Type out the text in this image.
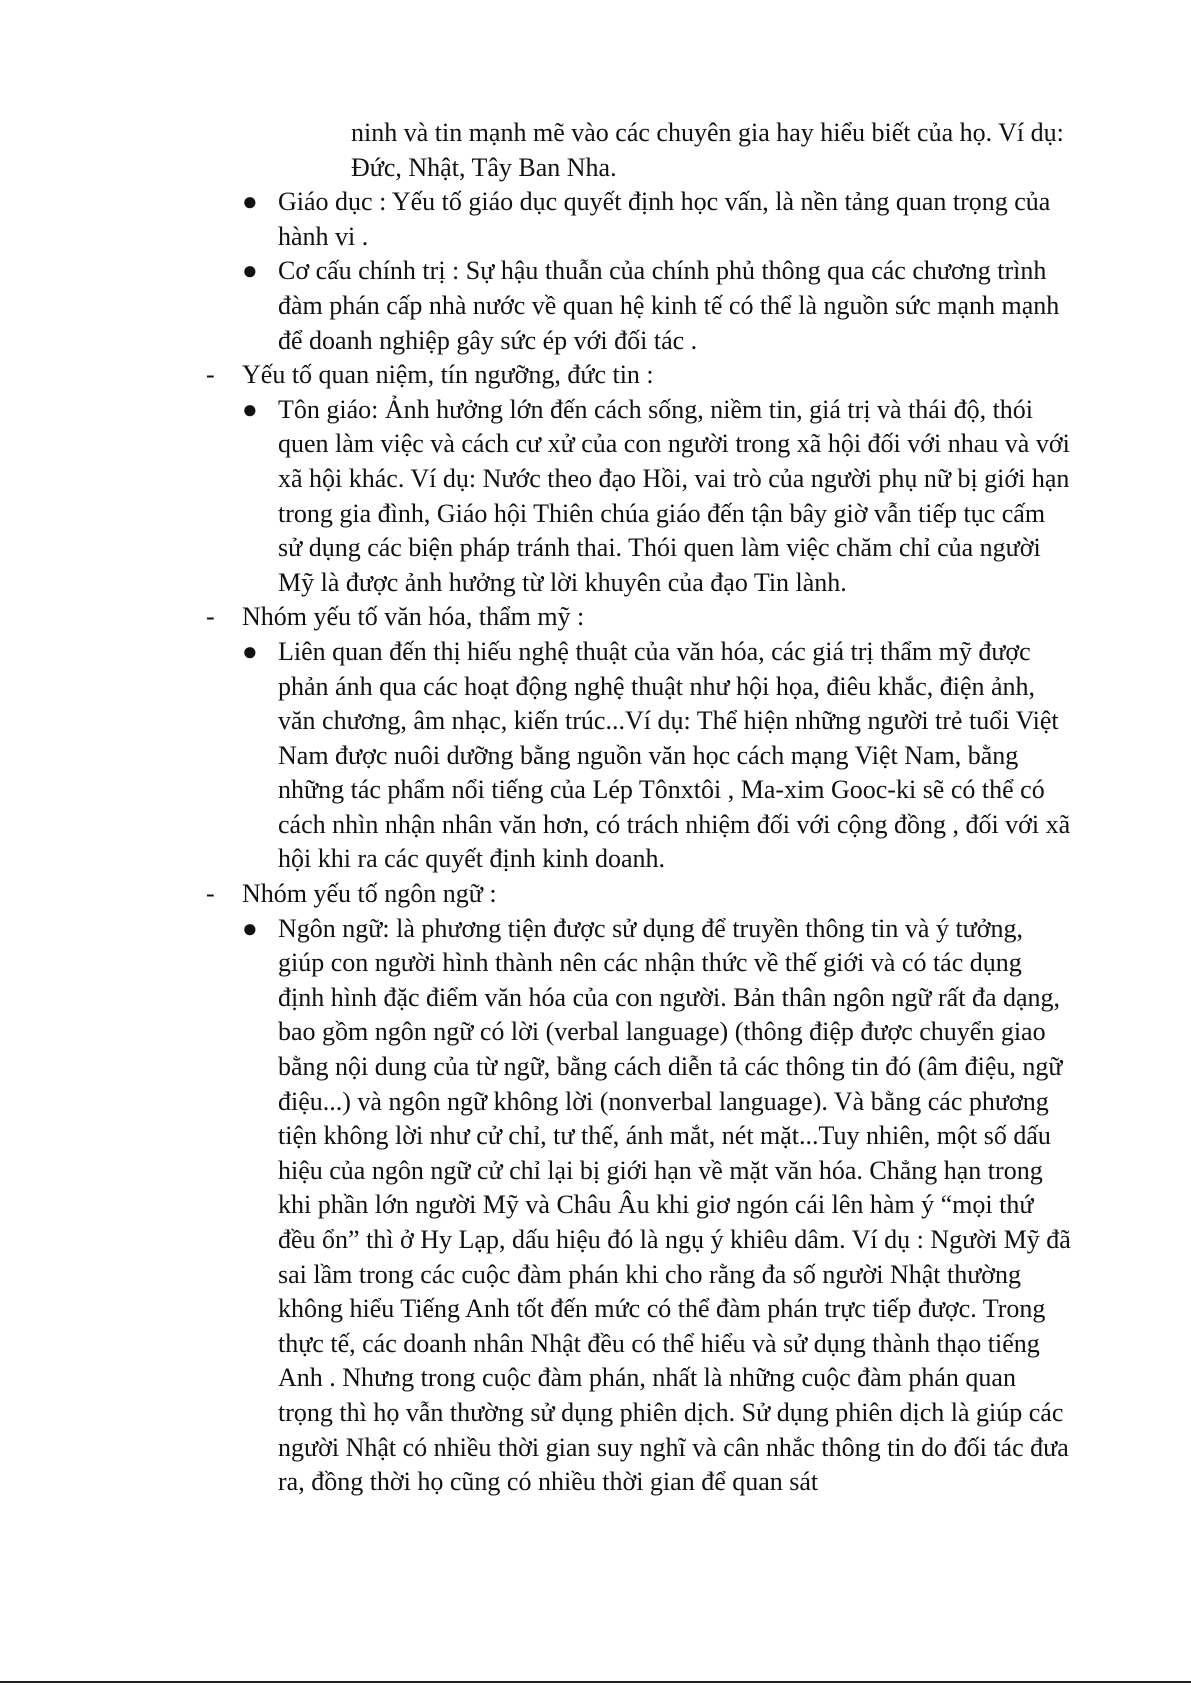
ninh và tin mạnh mẽ vào các chuyên gia hay hiểu biết của họ. Ví dụ: Đức, Nhật, Tây Ban Nha.

● Giáo dục : Yếu tố giáo dục quyết định học vấn, là nền tảng quan trọng của hành vi .
● Cơ cấu chính trị : Sự hậu thuẫn của chính phủ thông qua các chương trình đàm phán cấp nhà nước về quan hệ kinh tế có thể là nguồn sức mạnh mạnh để doanh nghiệp gây sức ép với đối tác .
- Yếu tố quan niệm, tín ngưỡng, đức tin :
● Tôn giáo: Ảnh hưởng lớn đến cách sống, niềm tin, giá trị và thái độ, thói quen làm việc và cách cư xử của con người trong xã hội đối với nhau và với xã hội khác. Ví dụ: Nước theo đạo Hồi, vai trò của người phụ nữ bị giới hạn trong gia đình, Giáo hội Thiên chúa giáo đến tận bây giờ vẫn tiếp tục cấm sử dụng các biện pháp tránh thai. Thói quen làm việc chăm chỉ của người Mỹ là được ảnh hưởng từ lời khuyên của đạo Tin lành.
- Nhóm yếu tố văn hóa, thẩm mỹ :
● Liên quan đến thị hiếu nghệ thuật của văn hóa, các giá trị thẩm mỹ được phản ánh qua các hoạt động nghệ thuật như hội họa, điêu khắc, điện ảnh, văn chương, âm nhạc, kiến trúc...Ví dụ: Thể hiện những người trẻ tuổi Việt Nam được nuôi dưỡng bằng nguồn văn học cách mạng Việt Nam, bằng những tác phẩm nổi tiếng của Lép Tônxtôi , Ma-xim Gooc-ki sẽ có thể có cách nhìn nhận nhân văn hơn, có trách nhiệm đối với cộng đồng , đối với xã hội khi ra các quyết định kinh doanh.
- Nhóm yếu tố ngôn ngữ :
● Ngôn ngữ: là phương tiện được sử dụng để truyền thông tin và ý tưởng, giúp con người hình thành nên các nhận thức về thế giới và có tác dụng định hình đặc điểm văn hóa của con người. Bản thân ngôn ngữ rất đa dạng, bao gồm ngôn ngữ có lời (verbal language) (thông điệp được chuyển giao bằng nội dung của từ ngữ, bằng cách diễn tả các thông tin đó (âm điệu, ngữ điệu...) và ngôn ngữ không lời (nonverbal language). Và bằng các phương tiện không lời như cử chỉ, tư thế, ánh mắt, nét mặt...Tuy nhiên, một số dấu hiệu của ngôn ngữ cử chỉ lại bị giới hạn về mặt văn hóa. Chẳng hạn trong khi phần lớn người Mỹ và Châu Âu khi giơ ngón cái lên hàm ý “mọi thứ đều ổn” thì ở Hy Lạp, dấu hiệu đó là ngụ ý khiêu dâm. Ví dụ : Người Mỹ đã sai lầm trong các cuộc đàm phán khi cho rằng đa số người Nhật thường không hiểu Tiếng Anh tốt đến mức có thể đàm phán trực tiếp được. Trong thực tế, các doanh nhân Nhật đều có thể hiểu và sử dụng thành thạo tiếng Anh . Nhưng trong cuộc đàm phán, nhất là những cuộc đàm phán quan trọng thì họ vẫn thường sử dụng phiên dịch. Sử dụng phiên dịch là giúp các người Nhật có nhiều thời gian suy nghĩ và cân nhắc thông tin do đối tác đưa ra, đồng thời họ cũng có nhiều thời gian để quan sát
